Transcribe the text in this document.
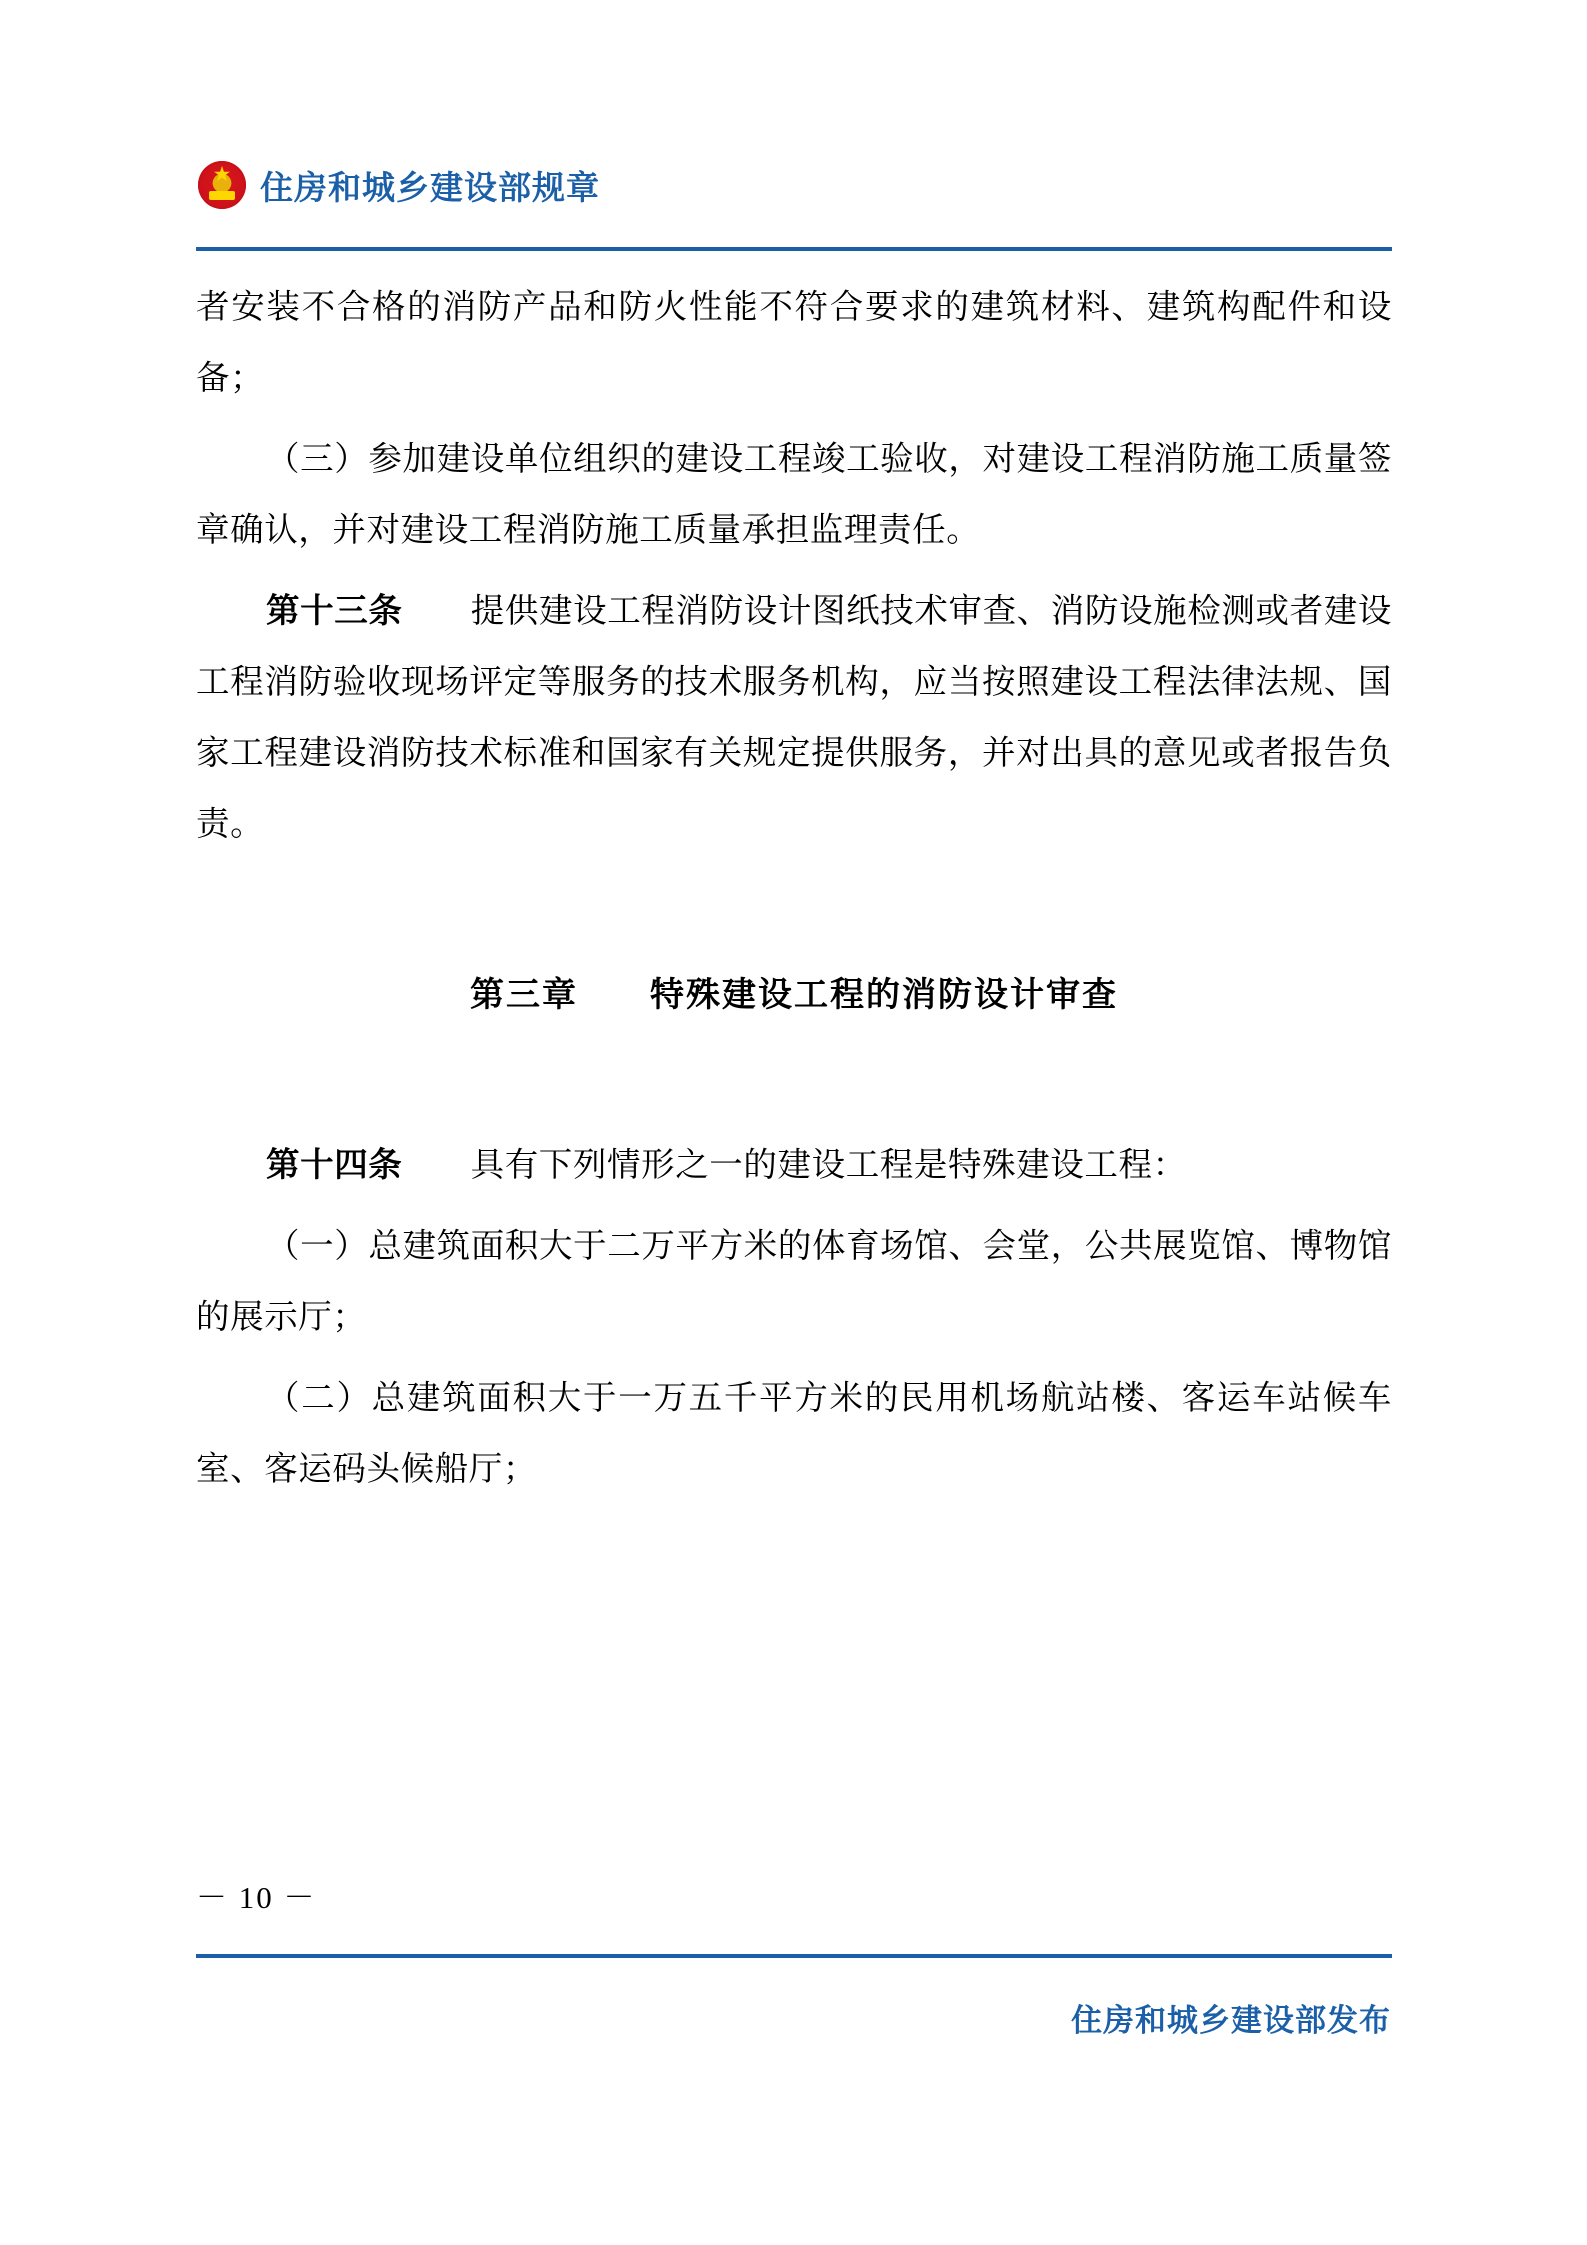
★
住房和城乡建设部规章

者安装不合格的消防产品和防火性能不符合要求的建筑材料、建筑构配件和设备；

（三）参加建设单位组织的建设工程竣工验收，对建设工程消防施工质量签章确认，并对建设工程消防施工质量承担监理责任。

第十三条　　提供建设工程消防设计图纸技术审查、消防设施检测或者建设工程消防验收现场评定等服务的技术服务机构，应当按照建设工程法律法规、国家工程建设消防技术标准和国家有关规定提供服务，并对出具的意见或者报告负责。

第三章　　特殊建设工程的消防设计审查

第十四条　　具有下列情形之一的建设工程是特殊建设工程：

（一）总建筑面积大于二万平方米的体育场馆、会堂，公共展览馆、博物馆的展示厅；

（二）总建筑面积大于一万五千平方米的民用机场航站楼、客运车站候车室、客运码头候船厅；

－ 10 －
住房和城乡建设部发布
